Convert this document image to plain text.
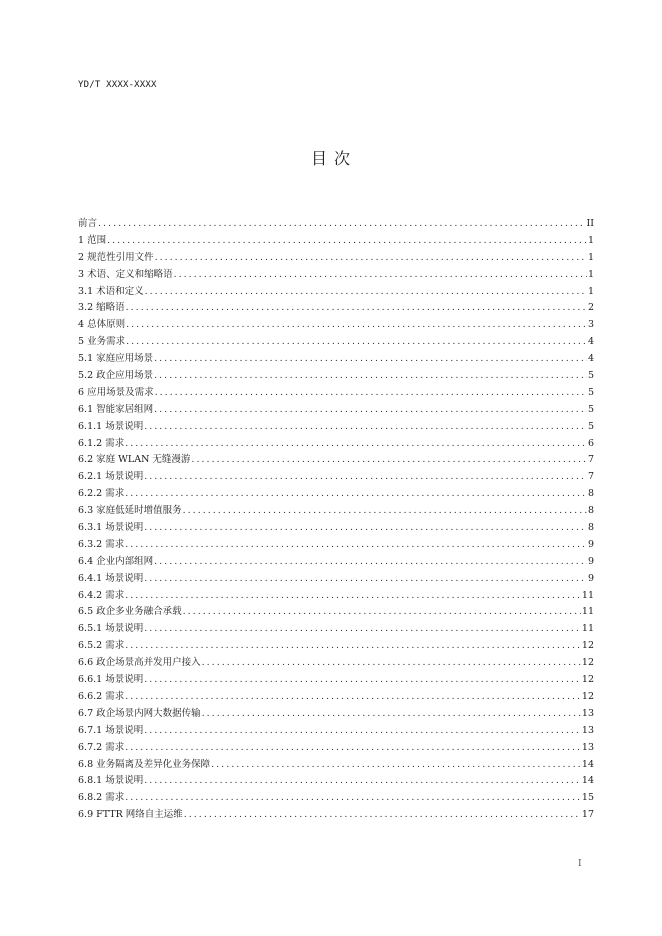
YD/T XXXX-XXXX
目 次
前言 .....	II
1 范围 .....	1
2 规范性引用文件 .....	1
3 术语、定义和缩略语 .....	1
3.1 术语和定义 .....	1
3.2 缩略语 .....	2
4 总体原则 .....	3
5 业务需求 .....	4
5.1 家庭应用场景 .....	4
5.2 政企应用场景 .....	5
6 应用场景及需求 .....	5
6.1 智能家居组网 .....	5
6.1.1 场景说明 .....	5
6.1.2 需求 .....	6
6.2 家庭 WLAN 无缝漫游 .....	7
6.2.1 场景说明 .....	7
6.2.2 需求 .....	8
6.3 家庭低延时增值服务 .....	8
6.3.1 场景说明 .....	8
6.3.2 需求 .....	9
6.4 企业内部组网 .....	9
6.4.1 场景说明 .....	9
6.4.2 需求 .....	11
6.5 政企多业务融合承载 .....	11
6.5.1 场景说明 .....	11
6.5.2 需求 .....	12
6.6 政企场景高并发用户接入 .....	12
6.6.1 场景说明 .....	12
6.6.2 需求 .....	12
6.7 政企场景内网大数据传输 .....	13
6.7.1 场景说明 .....	13
6.7.2 需求 .....	13
6.8 业务隔离及差异化业务保障 .....	14
6.8.1 场景说明 .....	14
6.8.2 需求 .....	15
6.9 FTTR 网络自主运维 .....	17
I
